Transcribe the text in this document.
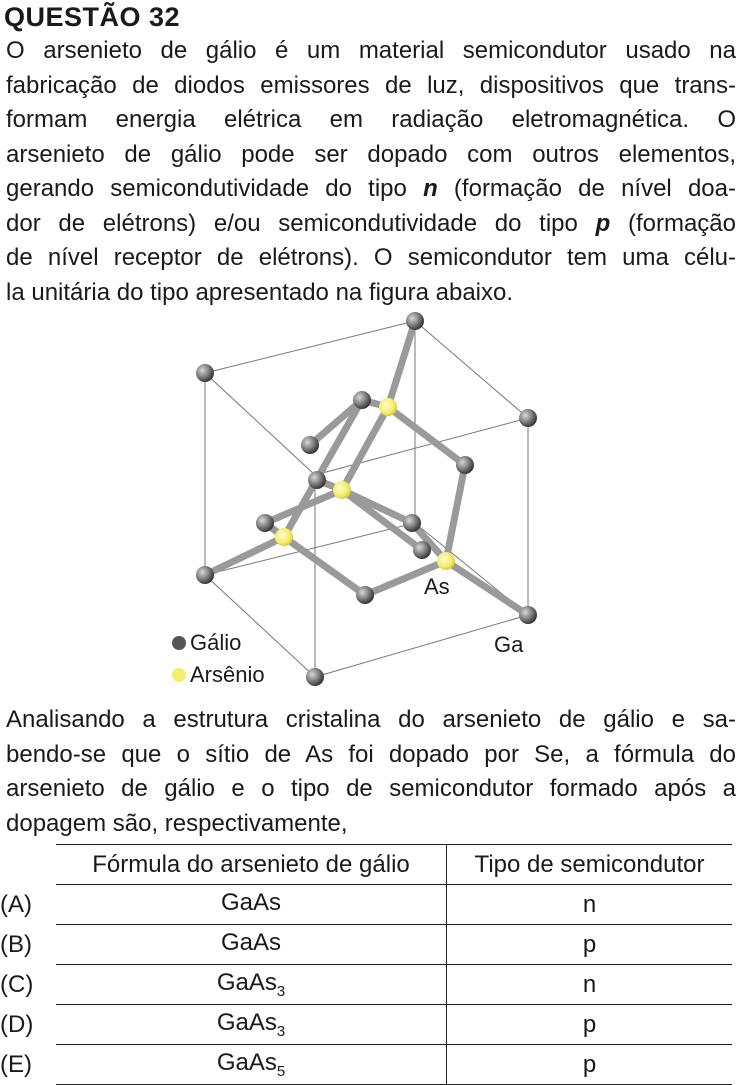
QUESTÃO 32
O arsenieto de gálio é um material semicondutor usado na
fabricação de diodos emissores de luz, dispositivos que trans-
formam energia elétrica em radiação eletromagnética. O
arsenieto de gálio pode ser dopado com outros elementos,
gerando semicondutividade do tipo n (formação de nível doa-
dor de elétrons) e/ou semicondutividade do tipo p (formação
de nível receptor de elétrons). O semicondutor tem uma célu-
la unitária do tipo apresentado na figura abaixo.
As
Ga
Gálio
Arsênio
Analisando a estrutura cristalina do arsenieto de gálio e sa-
bendo-se que o sítio de As foi dopado por Se, a fórmula do
arsenieto de gálio e o tipo de semicondutor formado após a
dopagem são, respectivamente,
	Fórmula do arsenieto de gálio	Tipo de semicondutor
(A)	GaAs	n
(B)	GaAs	p
(C)	GaAs$_3$	n
(D)	GaAs$_3$	p
(E)	GaAs$_5$	p
